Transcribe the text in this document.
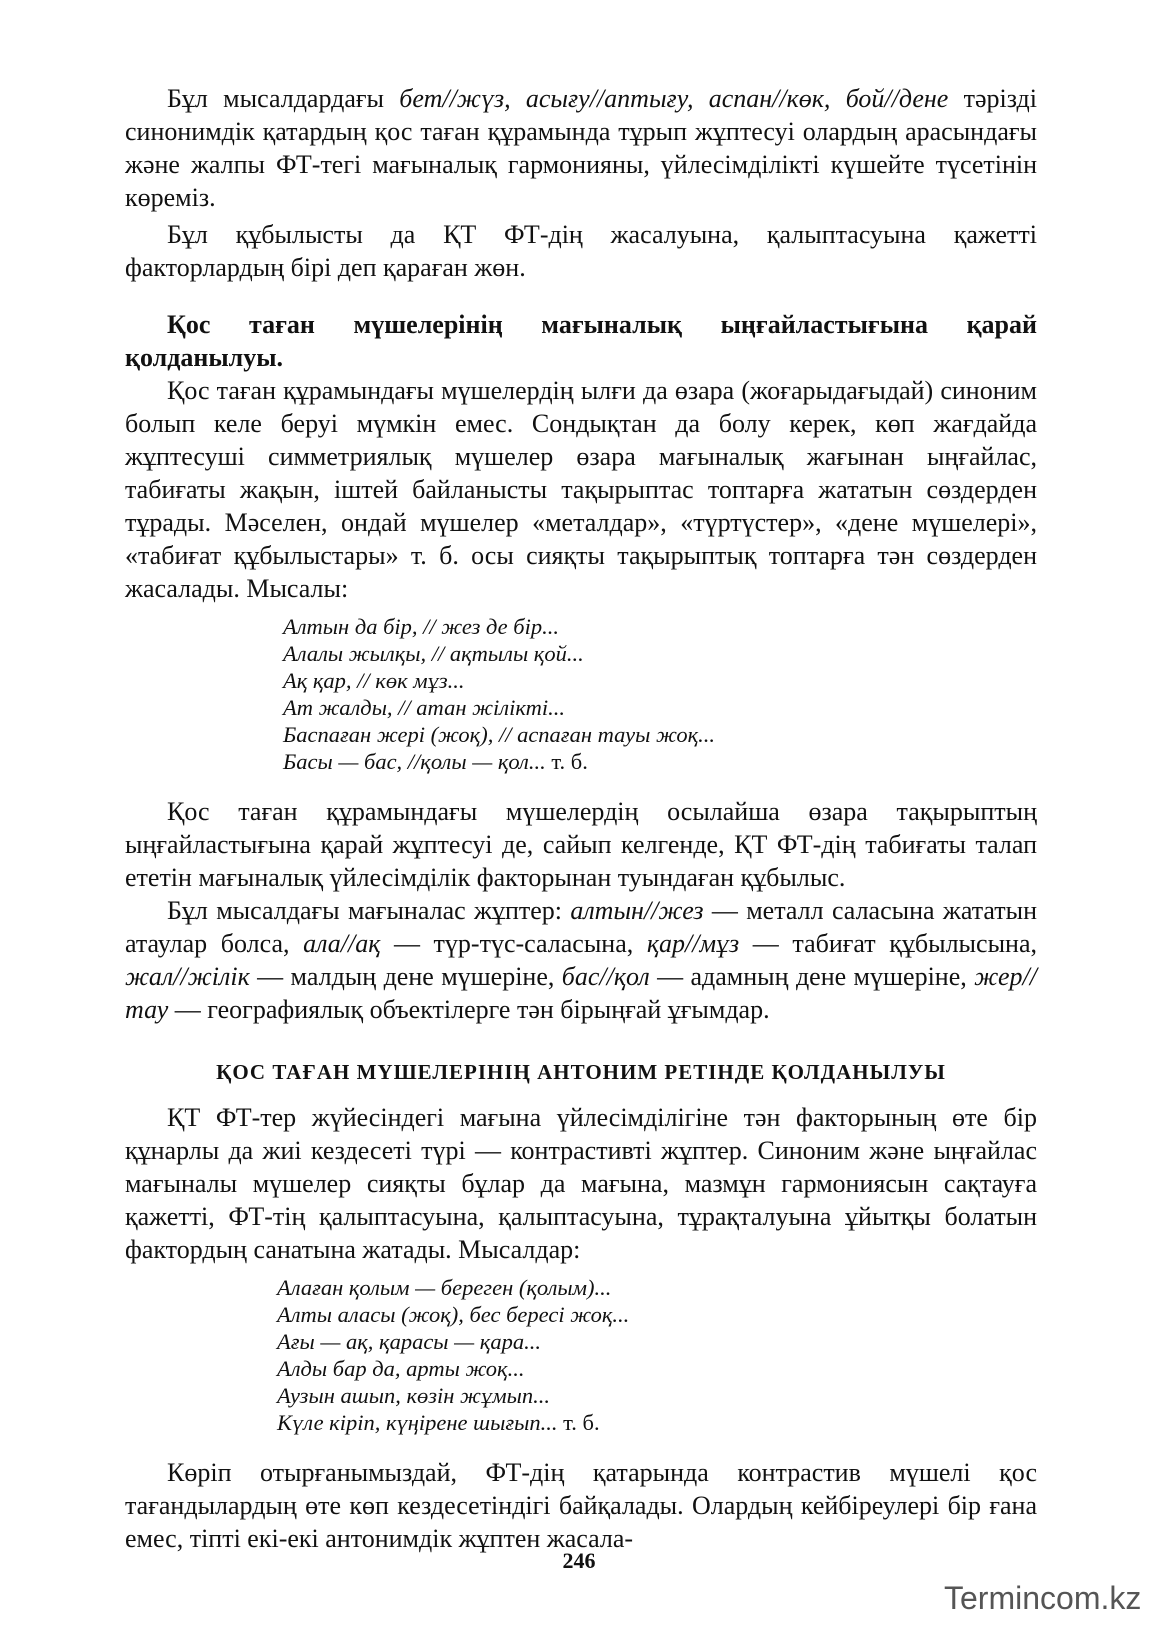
Бұл мысалдардағы бет//жүз, асығу//аптығу, аспан//көк, бой//дене тәрізді синонимдік қатардың қос таған құрамында тұрып жұптесуі олардың арасындағы және жалпы ФТ-тегі мағыналық гармонияны, үйлесімділікті күшейте түсетінін көреміз.

Бұл құбылысты да ҚТ ФТ-дің жасалуына, қалыптасуына қажетті факторлардың бірі деп қараған жөн.

Қос таған мүшелерінің мағыналық ыңғайластығына қарай қолданылуы.

Қос таған құрамындағы мүшелердің ылғи да өзара (жоғарыдағыдай) синоним болып келе беруі мүмкін емес. Сондықтан да болу керек, көп жағдайда жұптесуші симметриялық мүшелер өзара мағыналық жағынан ыңғайлас, табиғаты жақын, іштей байланысты тақырыптас топтарға жататын сөздерден тұрады. Мәселен, ондай мүшелер «металдар», «түртүстер», «дене мүшелері», «табиғат құбылыстары» т. б. осы сияқты тақырыптық топтарға тән сөздерден жасалады. Мысалы:

Алтын да бір, // жез де бір...
Алалы жылқы, // ақтылы қой...
Ақ қар, // көк мұз...
Ат жалды, // атан жілікті...
Баспаған жері (жоқ), // аспаған тауы жоқ...
Басы — бас, //қолы — қол... т. б.

Қос таған құрамындағы мүшелердің осылайша өзара тақырыптың ыңғайластығына қарай жұптесуі де, сайып келгенде, ҚТ ФТ-дің табиғаты талап ететін мағыналық үйлесімділік факторынан туындаған құбылыс.

Бұл мысалдағы мағыналас жұптер: алтын//жез — металл саласына жататын атаулар болса, ала//ақ — түр-түс-саласына, қар//мұз — табиғат құбылысына, жал//жілік — малдың дене мүшеріне, бас//қол — адамның дене мүшеріне, жер//тау — географиялық объектілерге тән бірыңғай ұғымдар.

ҚОС ТАҒАН МҮШЕЛЕРІНІҢ АНТОНИМ РЕТІНДЕ ҚОЛДАНЫЛУЫ

ҚТ ФТ-тер жүйесіндегі мағына үйлесімділігіне тән факторының өте бір құнарлы да жиі кездесеті түрі — контрастивті жұптер. Синоним және ыңғайлас мағыналы мүшелер сияқты бұлар да мағына, мазмұн гармониясын сақтауға қажетті, ФТ-тің қалыптасуына, қалыптасуына, тұрақталуына ұйытқы болатын фактордың санатына жатады. Мысалдар:

Алаған қолым — береген (қолым)...
Алты аласы (жоқ), бес бересі жоқ...
Ағы — ақ, қарасы — қара...
Алды бар да, арты жоқ...
Аузын ашып, көзін жұмып...
Күле кіріп, күңірене шығып... т. б.

Көріп отырғанымыздай, ФТ-дің қатарында контрастив мүшелі қос тағандылардың өте көп кездесетіндігі байқалады. Олардың кейбіреулері бір ғана емес, тіпті екі-екі антонимдік жұптен жасала-

246
Termincom.kz
